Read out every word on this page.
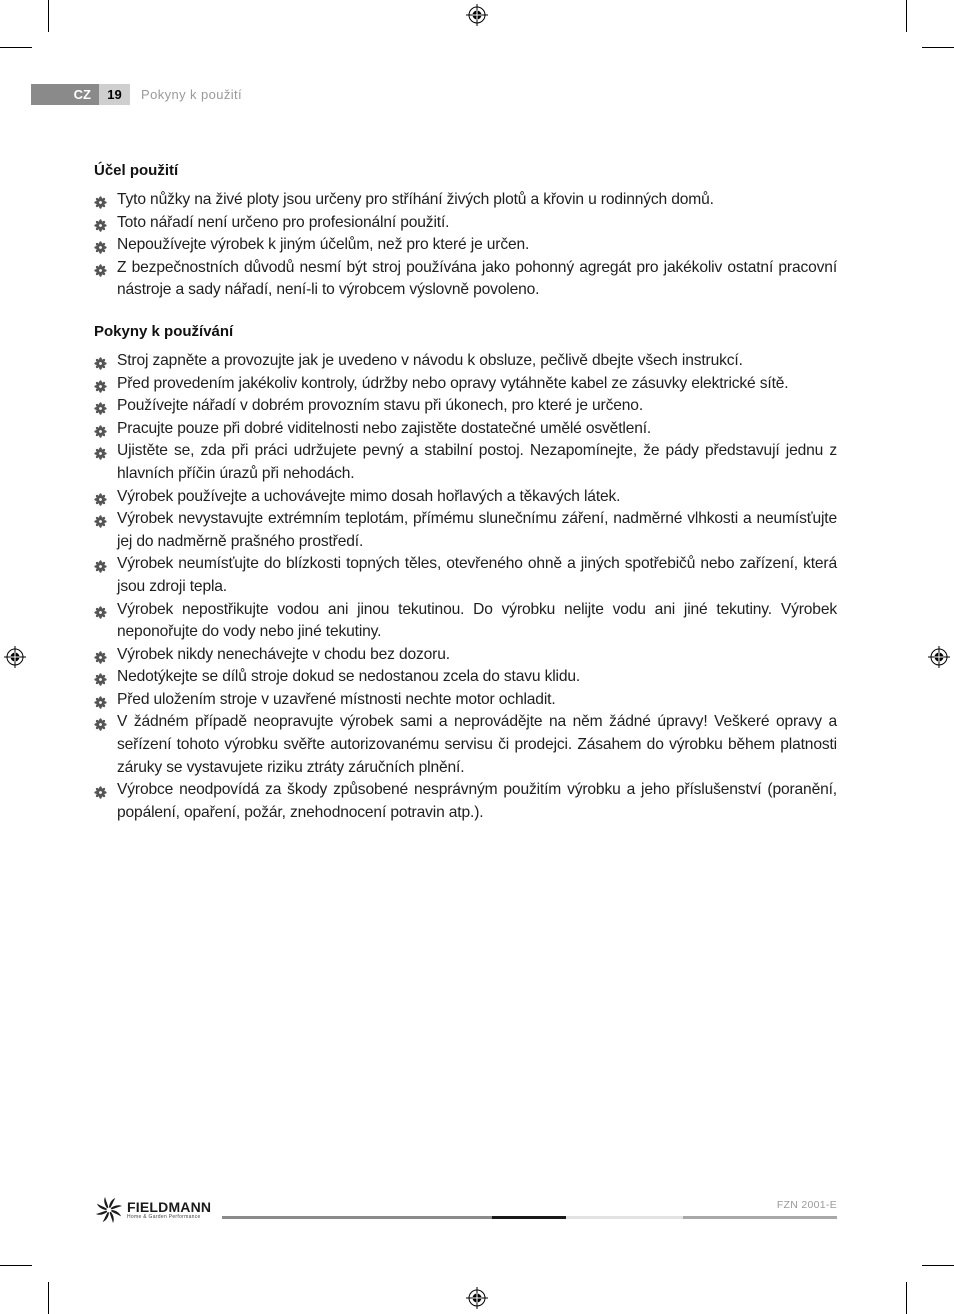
CZ	19	Pokyny k použití
Účel použití
Tyto nůžky na živé ploty jsou určeny pro stříhání živých plotů a křovin u rodinných domů.
Toto nářadí není určeno pro profesionální použití.
Nepoužívejte výrobek k jiným účelům, než pro které je určen.
Z bezpečnostních důvodů nesmí být stroj používána jako pohonný agregát pro jakékoliv ostatní pracovní nástroje a sady nářadí, není-li to výrobcem výslovně povoleno.
Pokyny k používání
Stroj zapněte a provozujte jak je uvedeno v návodu k obsluze, pečlivě dbejte všech instrukcí.
Před provedením jakékoliv kontroly, údržby nebo opravy vytáhněte kabel ze zásuvky elektrické sítě.
Používejte nářadí v dobrém provozním stavu při úkonech, pro které je určeno.
Pracujte pouze při dobré viditelnosti nebo zajistěte dostatečné umělé osvětlení.
Ujistěte se, zda při práci udržujete pevný a stabilní postoj. Nezapomínejte, že pády představují jednu z hlavních příčin úrazů při nehodách.
Výrobek používejte a uchovávejte mimo dosah hořlavých a těkavých látek.
Výrobek nevystavujte extrémním teplotám, přímému slunečnímu záření, nadměrné vlhkosti a neumísťujte jej do nadměrně prašného prostředí.
Výrobek neumísťujte do blízkosti topných těles, otevřeného ohně a jiných spotřebičů nebo zařízení, která jsou zdroji tepla.
Výrobek nepostřikujte vodou ani jinou tekutinou. Do výrobku nelijte vodu ani jiné tekutiny. Výrobek neponořujte do vody nebo jiné tekutiny.
Výrobek nikdy nenechávejte v chodu bez dozoru.
Nedotýkejte se dílů stroje dokud se nedostanou zcela do stavu klidu.
Před uložením stroje v uzavřené místnosti nechte motor ochladit.
V žádném případě neopravujte výrobek sami a neprovádějte na něm žádné úpravy! Veškeré opravy a seřízení tohoto výrobku svěřte autorizovanému servisu či prodejci. Zásahem do výrobku během platnosti záruky se vystavujete riziku ztráty záručních plnění.
Výrobce neodpovídá za škody způsobené nesprávným použitím výrobku a jeho příslušenství (poranění, popálení, opaření, požár, znehodnocení potravin atp.).
FIELDMANN
Home & Garden Performance
FZN 2001-E
